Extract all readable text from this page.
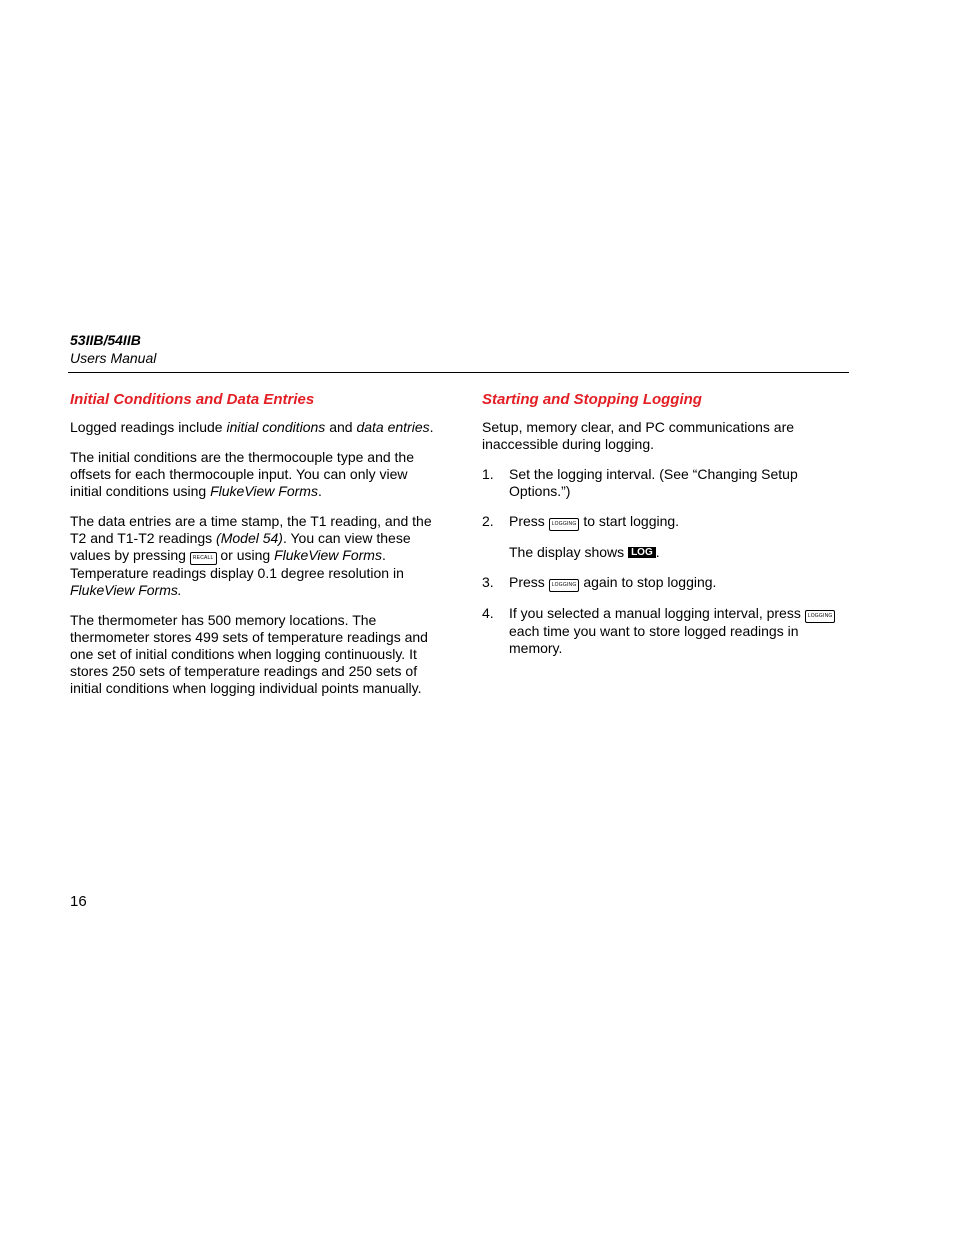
53IIB/54IIB
Users Manual
Initial Conditions and Data Entries

Logged readings include initial conditions and data entries.

The initial conditions are the thermocouple type and the offsets for each thermocouple input. You can only view initial conditions using FlukeView Forms.

The data entries are a time stamp, the T1 reading, and the T2 and T1-T2 readings (Model 54). You can view these values by pressing RECALL or using FlukeView Forms. Temperature readings display 0.1 degree resolution in FlukeView Forms.

The thermometer has 500 memory locations. The thermometer stores 499 sets of temperature readings and one set of initial conditions when logging continuously. It stores 250 sets of temperature readings and 250 sets of initial conditions when logging individual points manually.

Starting and Stopping Logging

Setup, memory clear, and PC communications are inaccessible during logging.

1.	Set the logging interval. (See “Changing Setup Options.”)

2.	Press LOGGING to start logging.

The display shows LOG .

3.	Press LOGGING again to stop logging.

4.	If you selected a manual logging interval, press LOGGING each time you want to store logged readings in memory.

16
